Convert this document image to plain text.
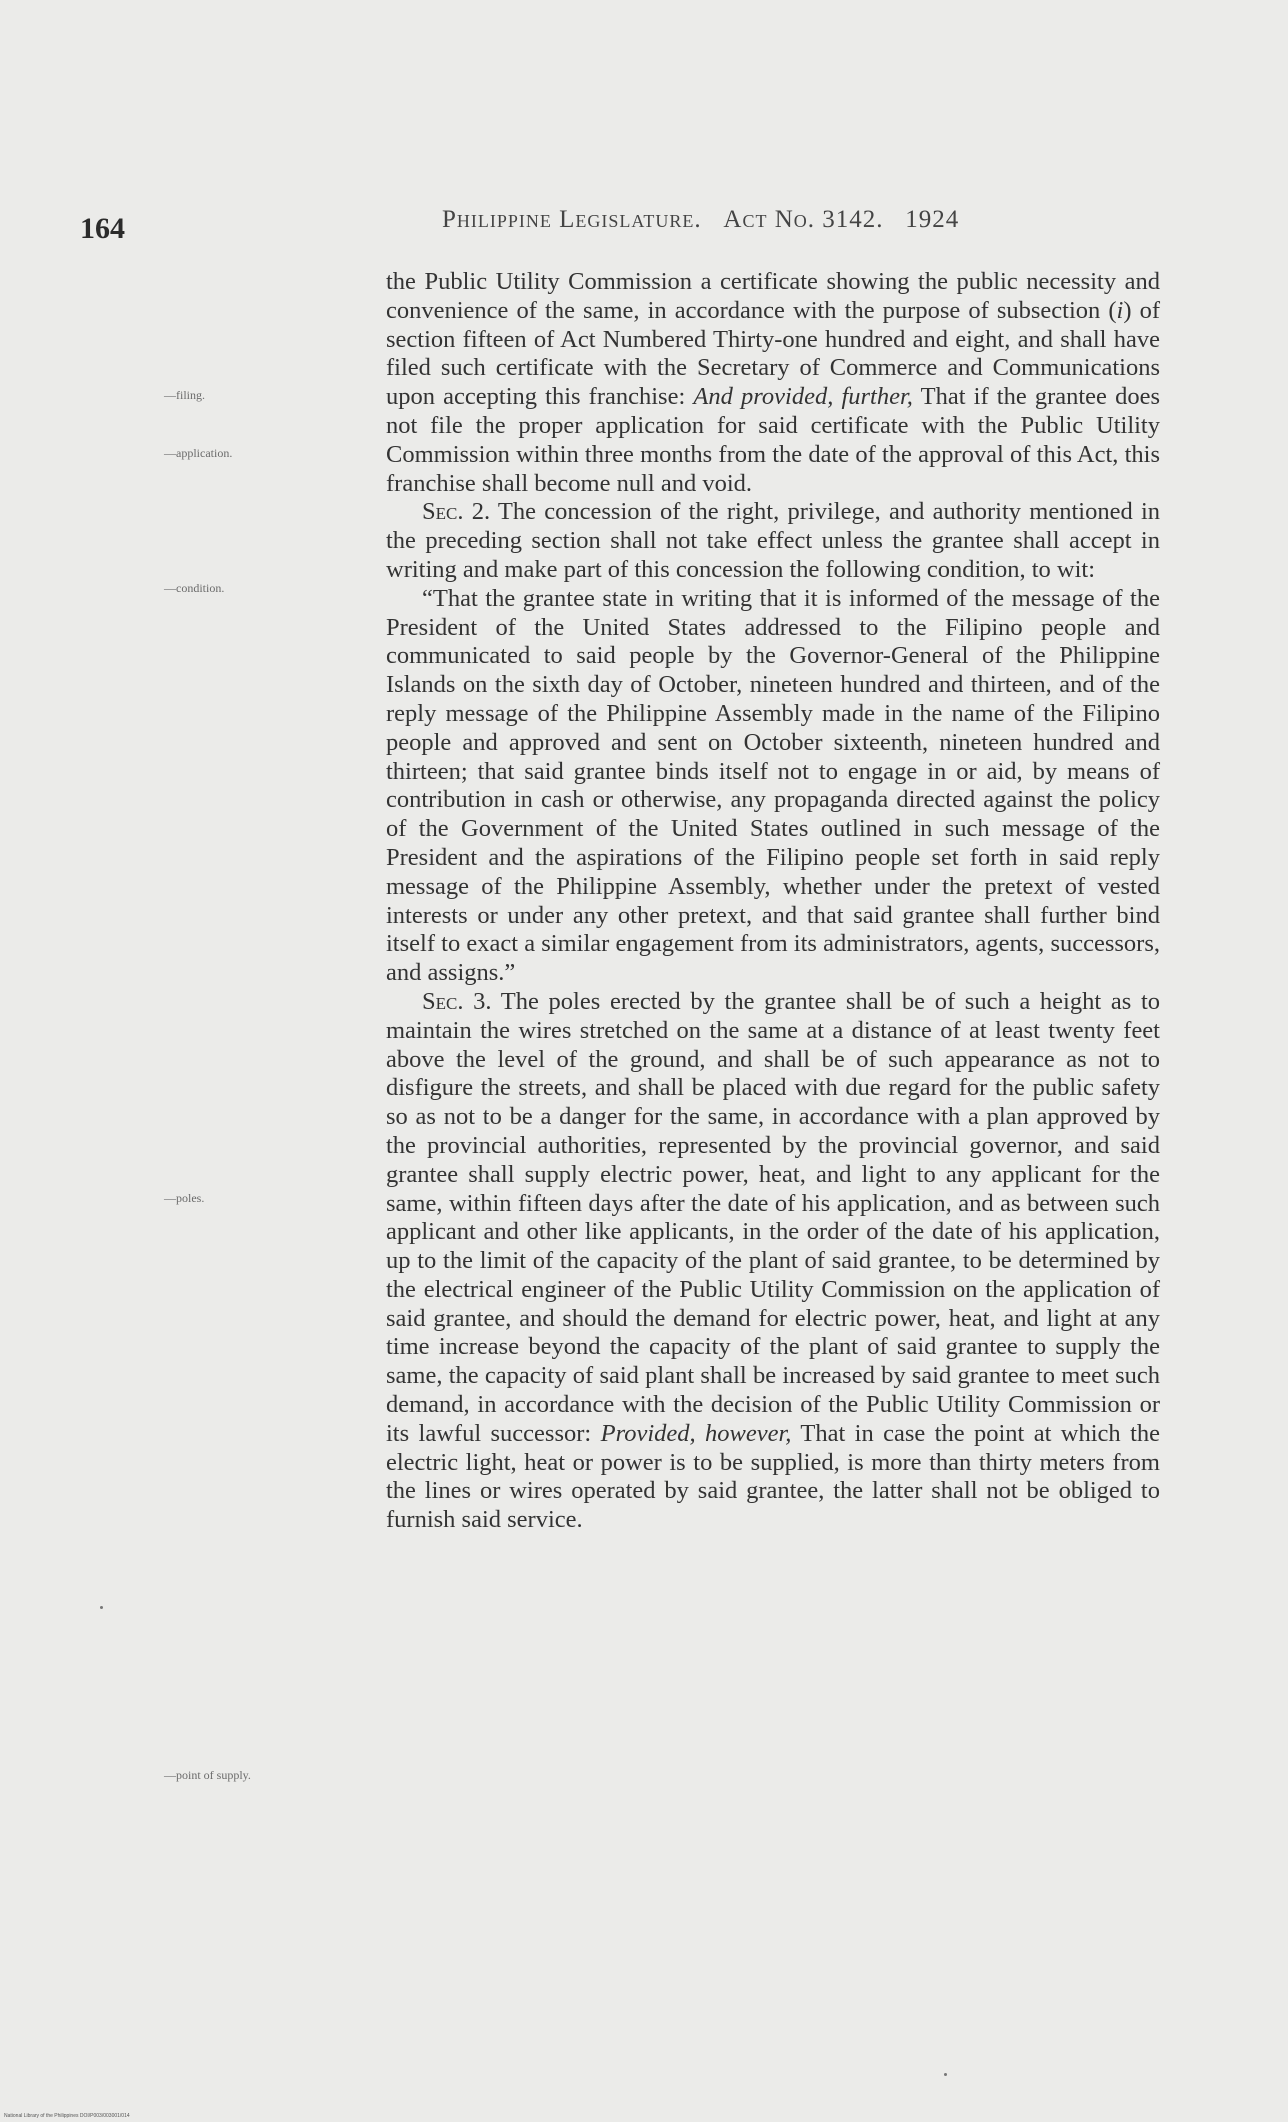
164	Philippine Legislature. Act No. 3142. 1924
—filing.
—application.
—condition.
—poles.
—point of supply.

the Public Utility Commission a certificate showing the public necessity and convenience of the same, in accordance with the purpose of subsection (i) of section fifteen of Act Numbered Thirty-one hundred and eight, and shall have filed such certificate with the Secretary of Commerce and Communications upon accepting this franchise: And provided, further, That if the grantee does not file the proper application for said certificate with the Public Utility Commission within three months from the date of the approval of this Act, this franchise shall become null and void.

Sec. 2. The concession of the right, privilege, and authority mentioned in the preceding section shall not take effect unless the grantee shall accept in writing and make part of this concession the following condition, to wit:

“That the grantee state in writing that it is informed of the message of the President of the United States addressed to the Filipino people and communicated to said people by the Governor-General of the Philippine Islands on the sixth day of October, nineteen hundred and thirteen, and of the reply message of the Philippine Assembly made in the name of the Filipino people and approved and sent on October sixteenth, nineteen hundred and thirteen; that said grantee binds itself not to engage in or aid, by means of contribution in cash or otherwise, any propaganda directed against the policy of the Government of the United States outlined in such message of the President and the aspirations of the Filipino people set forth in said reply message of the Philippine Assembly, whether under the pretext of vested interests or under any other pretext, and that said grantee shall further bind itself to exact a similar engagement from its administrators, agents, successors, and assigns.”

Sec. 3. The poles erected by the grantee shall be of such a height as to maintain the wires stretched on the same at a distance of at least twenty feet above the level of the ground, and shall be of such appearance as not to disfigure the streets, and shall be placed with due regard for the public safety so as not to be a danger for the same, in accordance with a plan approved by the provincial authorities, represented by the provincial governor, and said grantee shall supply electric power, heat, and light to any applicant for the same, within fifteen days after the date of his application, and as between such applicant and other like applicants, in the order of the date of his application, up to the limit of the capacity of the plant of said grantee, to be determined by the electrical engineer of the Public Utility Commission on the application of said grantee, and should the demand for electric power, heat, and light at any time increase beyond the capacity of the plant of said grantee to supply the same, the capacity of said plant shall be increased by said grantee to meet such demand, in accordance with the decision of the Public Utility Commission or its lawful successor: Provided, however, That in case the point at which the electric light, heat or power is to be supplied, is more than thirty meters from the lines or wires operated by said grantee, the latter shall not be obliged to furnish said service.

National Library of the Philippines DOI/P003/003001/014
